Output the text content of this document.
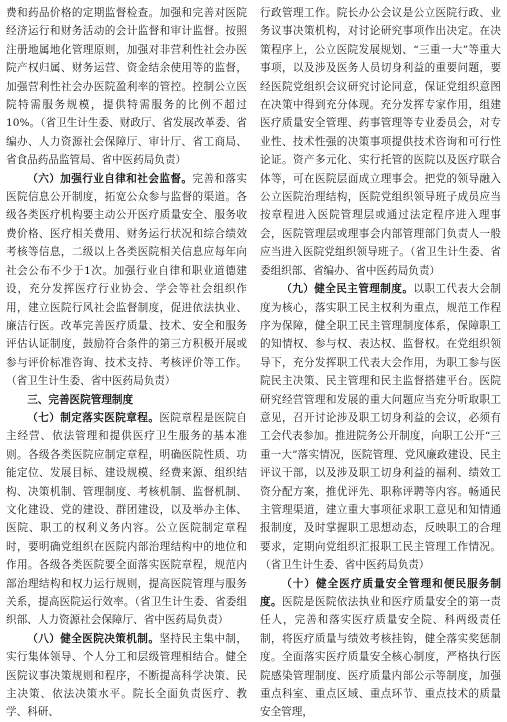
费和药品价格的定期监督检查。加强和完善对医院经济运行和财务活动的会计监督和审计监督。按照注册地属地化管理原则，加强对非营利性社会办医院产权归属、财务运营、资金结余使用等的监督，加强营利性社会办医院盈利率的管控。控制公立医院特需服务规模，提供特需服务的比例不超过10%。（省卫生计生委、财政厅、省发展改革委、省编办、人力资源社会保障厅、审计厅、省工商局、省食品药品监管局、省中医药局负责）

（六）加强行业自律和社会监督。完善和落实医院信息公开制度，拓宽公众参与监督的渠道。各级各类医疗机构要主动公开医疗质量安全、服务收费价格、医疗相关费用、财务运行状况和综合绩效考核等信息，二级以上各类医院相关信息应每年向社会公布不少于1次。加强行业自律和职业道德建设，充分发挥医疗行业协会、学会等社会组织作用，建立医院行风社会监督制度，促进依法执业、廉洁行医。改革完善医疗质量、技术、安全和服务评估认证制度，鼓励符合条件的第三方积极开展或参与评价标准咨询、技术支持、考核评价等工作。（省卫生计生委、省中医药局负责）

三、完善医院管理制度

（七）制定落实医院章程。医院章程是医院自主经营、依法管理和提供医疗卫生服务的基本准则。各级各类医院应制定章程，明确医院性质、功能定位、发展目标、建设规模、经费来源、组织结构、决策机制、管理制度、考核机制、监督机制、文化建设、党的建设、群团建设，以及举办主体、医院、职工的权利义务内容。公立医院制定章程时，要明确党组织在医院内部治理结构中的地位和作用。各级各类医院要全面落实医院章程，规范内部治理结构和权力运行规则，提高医院管理与服务关系，提高医院运行效率。（省卫生计生委、省委组织部、人力资源社会保障厅、省中医药局负责）

（八）健全医院决策机制。坚持民主集中制，实行集体领导、个人分工和层级管理相结合。健全医院议事决策规则和程序，不断提高科学决策、民主决策、依法决策水平。院长全面负责医疗、教学、科研、

行政管理工作。院长办公会议是公立医院行政、业务议事决策机构，对讨论研究事项作出决定。在决策程序上，公立医院发展规划、“三重一大”等重大事项，以及涉及医务人员切身利益的重要问题，要经医院党组织会议研究讨论同意，保证党组织意图在决策中得到充分体现。充分发挥专家作用，组建医疗质量安全管理、药事管理等专业委员会，对专业性、技术性强的决策事项提供技术咨询和可行性论证。资产多元化、实行托管的医院以及医疗联合体等，可在医院层面成立理事会。把党的领导融入公立医院治理结构，医院党组织领导班子成员应当按章程进入医院管理层或通过法定程序进入理事会，医院管理层或理事会内部管理部门负责人一般应当进入医院党组织领导班子。（省卫生计生委、省委组织部、省编办、省中医药局负责）

（九）健全民主管理制度。以职工代表大会制度为核心，落实职工民主权利为重点，规范工作程序为保障，健全职工民主管理制度体系，保障职工的知情权、参与权、表达权、监督权。在党组织领导下，充分发挥职工代表大会作用，为职工参与医院民主决策、民主管理和民主监督搭建平台。医院研究经营管理和发展的重大问题应当充分听取职工意见，召开讨论涉及职工切身利益的会议，必须有工会代表参加。推进院务公开制度，向职工公开“三重一大”落实情况，医院管理、党风廉政建设、民主评议干部，以及涉及职工切身利益的福利、绩效工资分配方案，推优评先、职称评聘等内容。畅通民主管理渠道，建立重大事项征求职工意见和知情通报制度，及时掌握职工思想动态，反映职工的合理要求，定期向党组织汇报职工民主管理工作情况。（省卫生计生委、省中医药局负责）

（十）健全医疗质量安全管理和便民服务制度。医院是医院依法执业和医疗质量安全的第一责任人，完善和落实医疗质量安全院、科两级责任制，将医疗质量与绩效考核挂钩，健全落实奖惩制度。全面落实医疗质量安全核心制度，严格执行医院感染管理制度、医疗质量内部公示等制度，加强重点科室、重点区域、重点环节、重点技术的质量安全管理，
